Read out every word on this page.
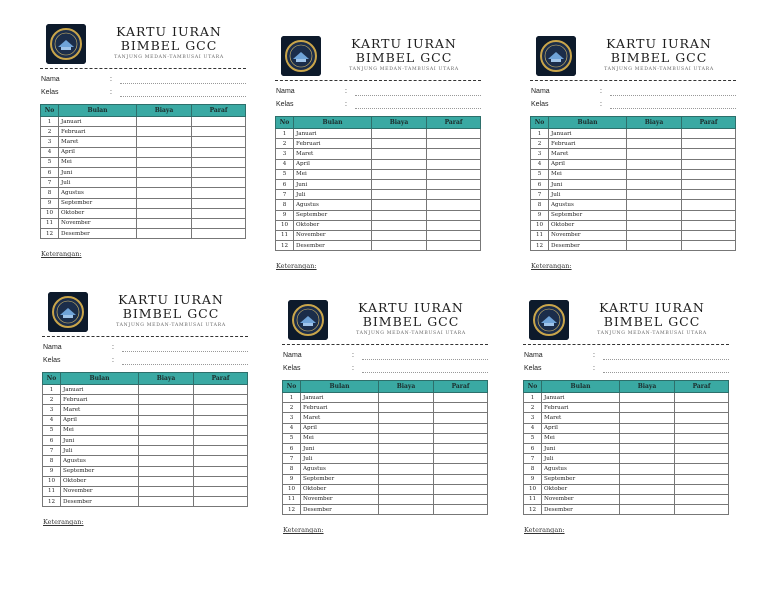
KARTU IURAN
BIMBEL GCC
TANJUNG MEDAN-TAMBUSAI UTARA
Nama	:
Kelas	:
No	Bulan	Biaya	Paraf
1	Januari		
2	Februari		
3	Maret		
4	April		
5	Mei		
6	Juni		
7	Juli		
8	Agustus		
9	September		
10	Oktober		
11	November		
12	Desember		
Keterangan:
KARTU IURAN
BIMBEL GCC
TANJUNG MEDAN-TAMBUSAI UTARA
Nama	:
Kelas	:
No	Bulan	Biaya	Paraf
1	Januari		
2	Februari		
3	Maret		
4	April		
5	Mei		
6	Juni		
7	Juli		
8	Agustus		
9	September		
10	Oktober		
11	November		
12	Desember		
Keterangan:
KARTU IURAN
BIMBEL GCC
TANJUNG MEDAN-TAMBUSAI UTARA
Nama	:
Kelas	:
No	Bulan	Biaya	Paraf
1	Januari		
2	Februari		
3	Maret		
4	April		
5	Mei		
6	Juni		
7	Juli		
8	Agustus		
9	September		
10	Oktober		
11	November		
12	Desember		
Keterangan:
KARTU IURAN
BIMBEL GCC
TANJUNG MEDAN-TAMBUSAI UTARA
Nama	:
Kelas	:
No	Bulan	Biaya	Paraf
1	Januari		
2	Februari		
3	Maret		
4	April		
5	Mei		
6	Juni		
7	Juli		
8	Agustus		
9	September		
10	Oktober		
11	November		
12	Desember		
Keterangan:
KARTU IURAN
BIMBEL GCC
TANJUNG MEDAN-TAMBUSAI UTARA
Nama	:
Kelas	:
No	Bulan	Biaya	Paraf
1	Januari		
2	Februari		
3	Maret		
4	April		
5	Mei		
6	Juni		
7	Juli		
8	Agustus		
9	September		
10	Oktober		
11	November		
12	Desember		
Keterangan:
KARTU IURAN
BIMBEL GCC
TANJUNG MEDAN-TAMBUSAI UTARA
Nama	:
Kelas	:
No	Bulan	Biaya	Paraf
1	Januari		
2	Februari		
3	Maret		
4	April		
5	Mei		
6	Juni		
7	Juli		
8	Agustus		
9	September		
10	Oktober		
11	November		
12	Desember		
Keterangan:
